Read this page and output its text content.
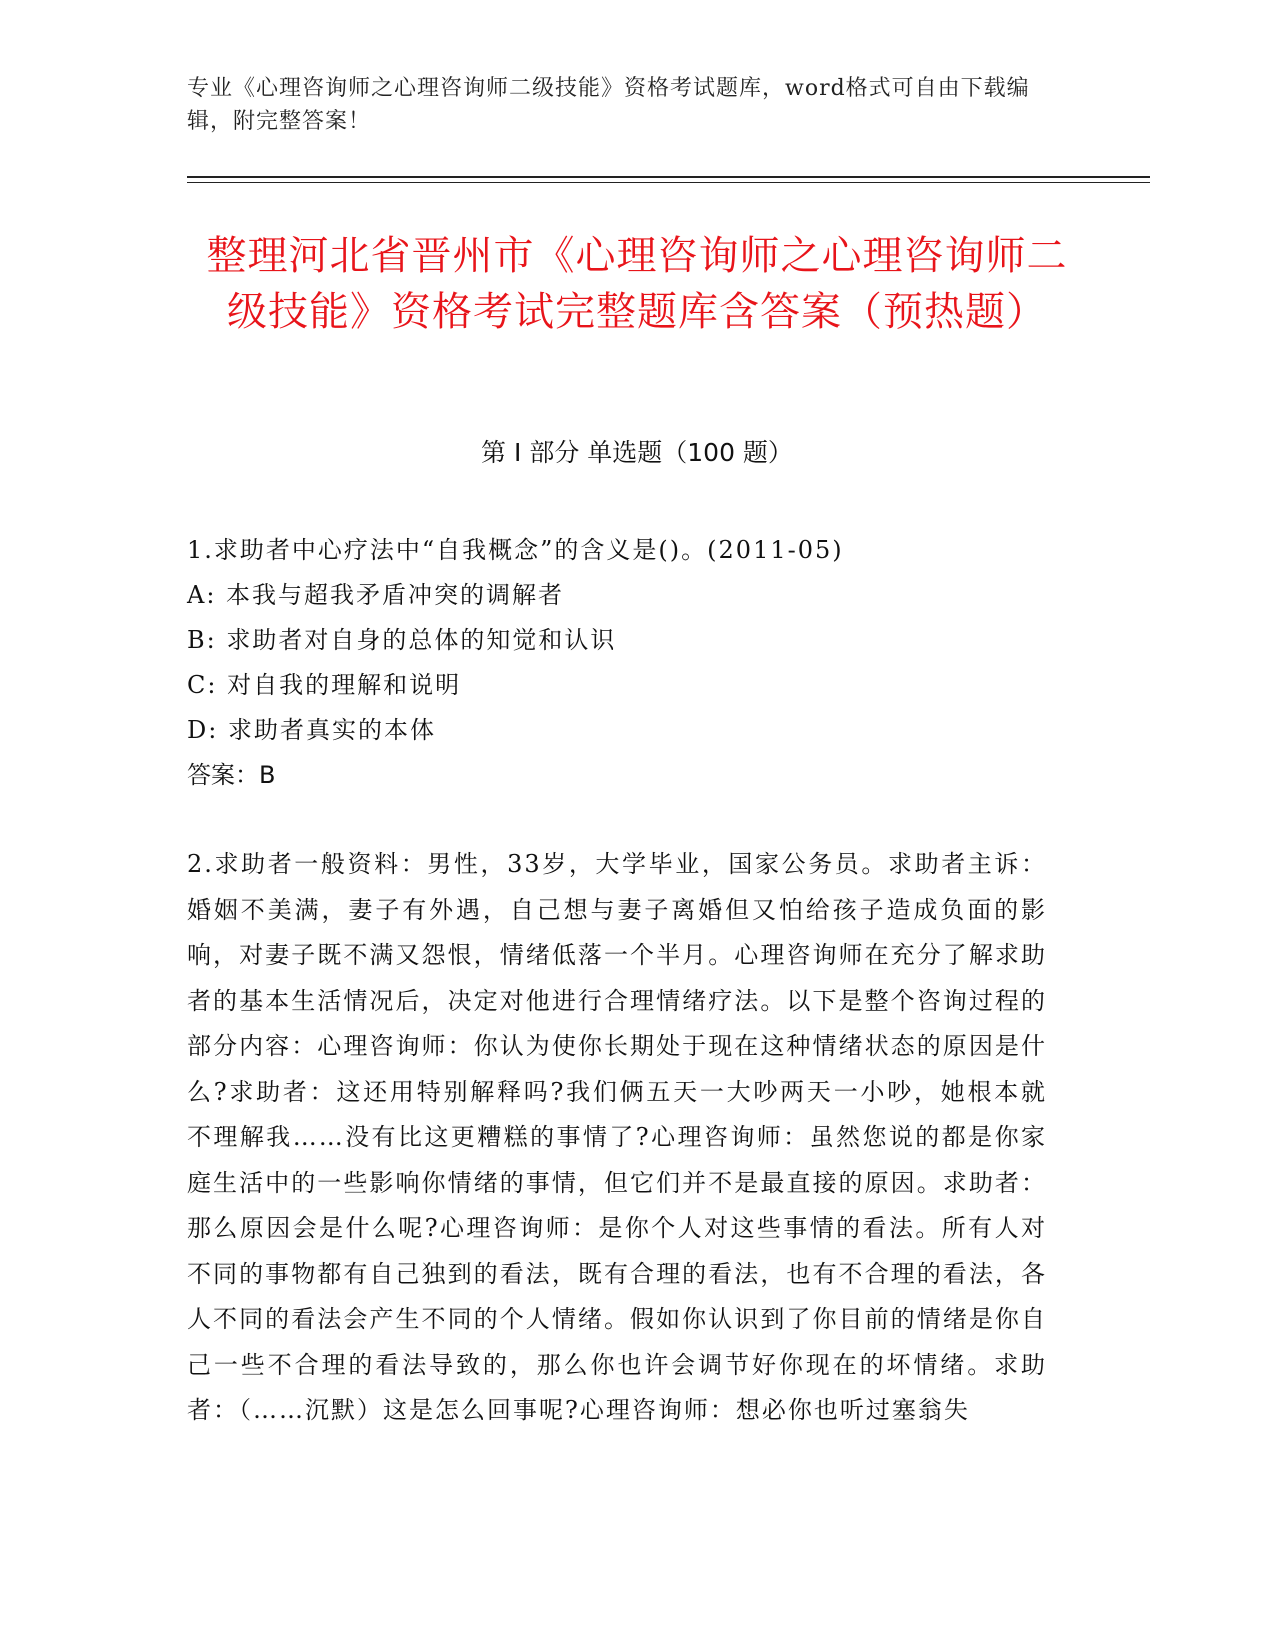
专业《心理咨询师之心理咨询师二级技能》资格考试题库，word格式可自由下载编辑，附完整答案！
整理河北省晋州市《心理咨询师之心理咨询师二级技能》资格考试完整题库含答案（预热题）
第 I 部分 单选题（100 题）
1.求助者中心疗法中“自我概念”的含义是()。(2011-05)
A: 本我与超我矛盾冲突的调解者
B: 求助者对自身的总体的知觉和认识
C: 对自我的理解和说明
D: 求助者真实的本体
答案：B
2.求助者一般资料：男性，33岁，大学毕业，国家公务员。求助者主诉：婚姻不美满，妻子有外遇，自己想与妻子离婚但又怕给孩子造成负面的影响，对妻子既不满又怨恨，情绪低落一个半月。心理咨询师在充分了解求助者的基本生活情况后，决定对他进行合理情绪疗法。以下是整个咨询过程的部分内容：心理咨询师：你认为使你长期处于现在这种情绪状态的原因是什么?求助者：这还用特别解释吗?我们俩五天一大吵两天一小吵，她根本就不理解我……没有比这更糟糕的事情了?心理咨询师：虽然您说的都是你家庭生活中的一些影响你情绪的事情，但它们并不是最直接的原因。求助者：那么原因会是什么呢?心理咨询师：是你个人对这些事情的看法。所有人对不同的事物都有自己独到的看法，既有合理的看法，也有不合理的看法，各人不同的看法会产生不同的个人情绪。假如你认识到了你目前的情绪是你自己一些不合理的看法导致的，那么你也许会调节好你现在的坏情绪。求助者：（……沉默）这是怎么回事呢?心理咨询师：想必你也听过塞翁失
